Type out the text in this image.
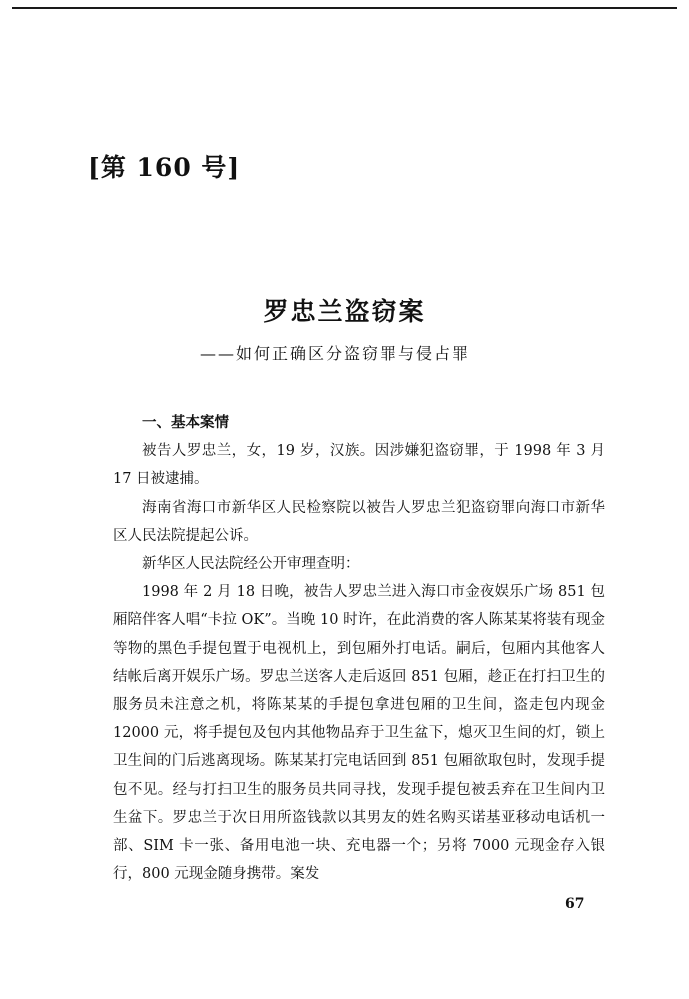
[第 160 号]
罗忠兰盗窃案
——如何正确区分盗窃罪与侵占罪

一、基本案情

被告人罗忠兰，女，19 岁，汉族。因涉嫌犯盗窃罪，于 1998 年 3 月 17 日被逮捕。

海南省海口市新华区人民检察院以被告人罗忠兰犯盗窃罪向海口市新华区人民法院提起公诉。

新华区人民法院经公开审理查明：

1998 年 2 月 18 日晚，被告人罗忠兰进入海口市金夜娱乐广场 851 包厢陪伴客人唱“卡拉 OK”。当晚 10 时许，在此消费的客人陈某某将装有现金等物的黑色手提包置于电视机上，到包厢外打电话。嗣后，包厢内其他客人结帐后离开娱乐广场。罗忠兰送客人走后返回 851 包厢，趁正在打扫卫生的服务员未注意之机，将陈某某的手提包拿进包厢的卫生间，盗走包内现金 12000 元，将手提包及包内其他物品弃于卫生盆下，熄灭卫生间的灯，锁上卫生间的门后逃离现场。陈某某打完电话回到 851 包厢欲取包时，发现手提包不见。经与打扫卫生的服务员共同寻找，发现手提包被丢弃在卫生间内卫生盆下。罗忠兰于次日用所盗钱款以其男友的姓名购买诺基亚移动电话机一部、SIM 卡一张、备用电池一块、充电器一个；另将 7000 元现金存入银行，800 元现金随身携带。案发

67
